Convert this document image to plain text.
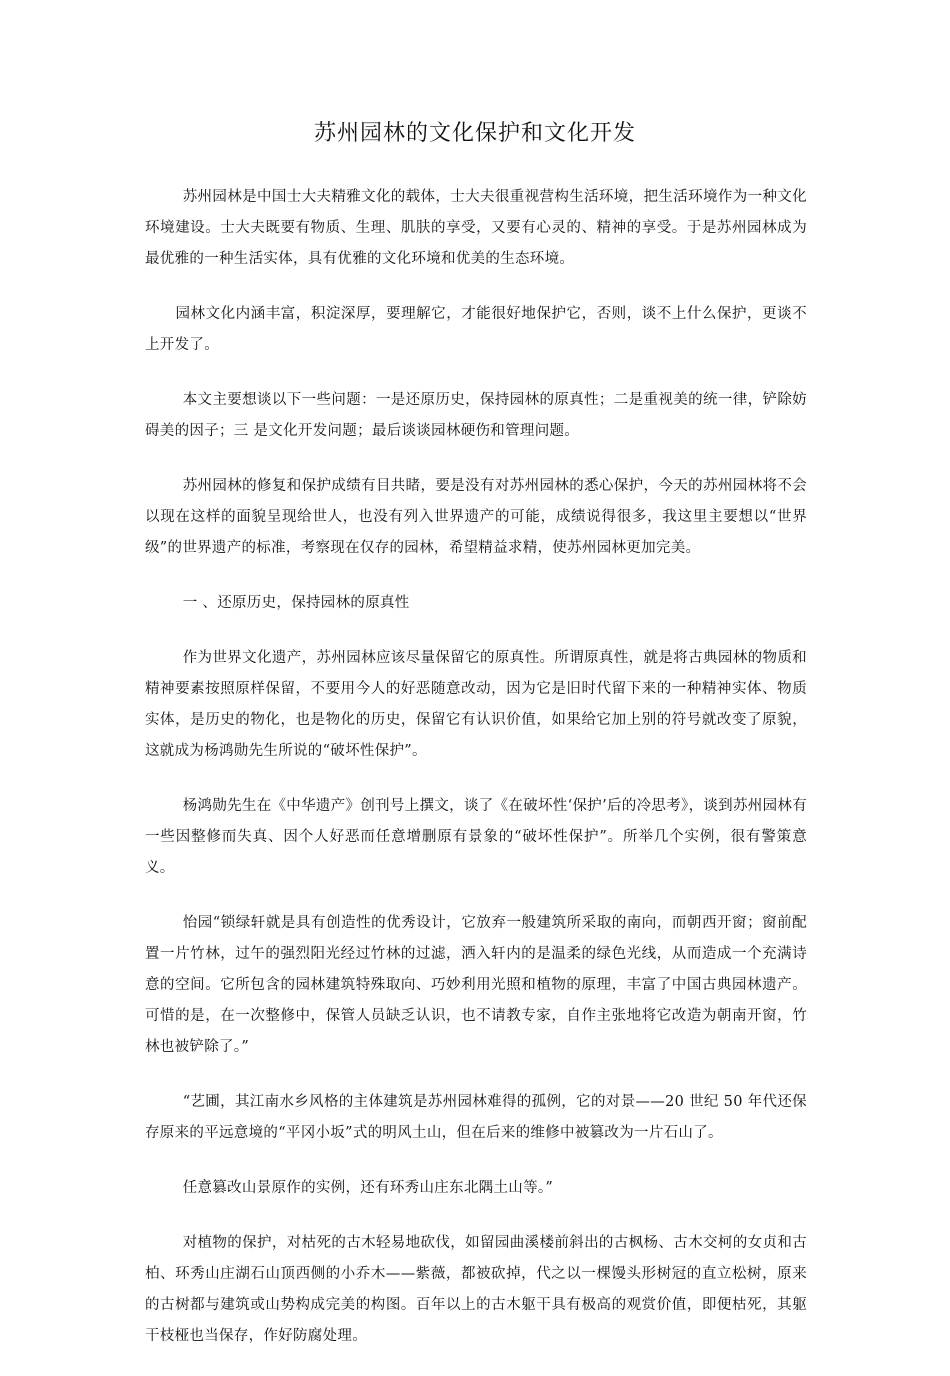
苏州园林的文化保护和文化开发

苏州园林是中国士大夫精雅文化的载体，士大夫很重视营构生活环境，把生活环境作为一种文化环境建设。士大夫既要有物质、生理、肌肤的享受，又要有心灵的、精神的享受。于是苏州园林成为最优雅的一种生活实体，具有优雅的文化环境和优美的生态环境。

园林文化内涵丰富，积淀深厚，要理解它，才能很好地保护它，否则，谈不上什么保护，更谈不上开发了。

本文主要想谈以下一些问题：一是还原历史，保持园林的原真性；二是重视美的统一律，铲除妨碍美的因子；三 是文化开发问题；最后谈谈园林硬伤和管理问题。

苏州园林的修复和保护成绩有目共睹，要是没有对苏州园林的悉心保护，今天的苏州园林将不会以现在这样的面貌呈现给世人，也没有列入世界遗产的可能，成绩说得很多，我这里主要想以“世界级”的世界遗产的标准，考察现在仅存的园林，希望精益求精，使苏州园林更加完美。

一 、还原历史，保持园林的原真性

作为世界文化遗产，苏州园林应该尽量保留它的原真性。所谓原真性，就是将古典园林的物质和精神要素按照原样保留，不要用今人的好恶随意改动，因为它是旧时代留下来的一种精神实体、物质实体，是历史的物化，也是物化的历史，保留它有认识价值，如果给它加上别的符号就改变了原貌，这就成为杨鸿勋先生所说的“破坏性保护”。

杨鸿勋先生在《中华遗产》创刊号上撰文，谈了《在破坏性‘保护’后的冷思考》，谈到苏州园林有一些因整修而失真、因个人好恶而任意增删原有景象的“破坏性保护”。所举几个实例，很有警策意义。

怡园“锁绿轩就是具有创造性的优秀设计，它放弃一般建筑所采取的南向，而朝西开窗；窗前配置一片竹林，过午的强烈阳光经过竹林的过滤，洒入轩内的是温柔的绿色光线，从而造成一个充满诗意的空间。它所包含的园林建筑特殊取向、巧妙利用光照和植物的原理，丰富了中国古典园林遗产。可惜的是，在一次整修中，保管人员缺乏认识，也不请教专家，自作主张地将它改造为朝南开窗，竹林也被铲除了。”

“艺圃，其江南水乡风格的主体建筑是苏州园林难得的孤例，它的对景——20 世纪 50 年代还保存原来的平远意境的“平冈小坂”式的明风土山，但在后来的维修中被篡改为一片石山了。

任意篡改山景原作的实例，还有环秀山庄东北隅土山等。”

对植物的保护，对枯死的古木轻易地砍伐，如留园曲溪楼前斜出的古枫杨、古木交柯的女贞和古柏、环秀山庄湖石山顶西侧的小乔木——紫薇，都被砍掉，代之以一棵馒头形树冠的直立松树，原来的古树都与建筑或山势构成完美的构图。百年以上的古木躯干具有极高的观赏价值，即便枯死，其躯干枝桠也当保存，作好防腐处理。
